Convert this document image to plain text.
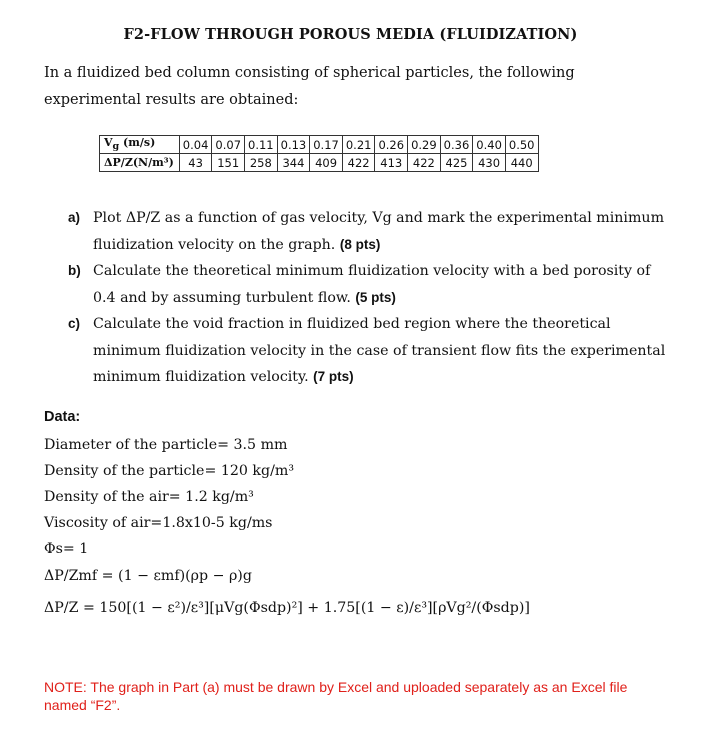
F2-FLOW THROUGH POROUS MEDIA (FLUIDIZATION)
In a fluidized bed column consisting of spherical particles, the following experimental results are obtained:
$V_g$ (m/s)	0.04	0.07	0.11	0.13	0.17	0.21	0.26	0.29	0.36	0.40	0.50
ΔP/Z(N/m³)	43	151	258	344	409	422	413	422	425	430	440
a) Plot ΔP/Z as a function of gas velocity, Vg and mark the experimental minimum fluidization velocity on the graph. (8 pts)
b) Calculate the theoretical minimum fluidization velocity with a bed porosity of 0.4 and by assuming turbulent flow. (5 pts)
c) Calculate the void fraction in fluidized bed region where the theoretical minimum fluidization velocity in the case of transient flow fits the experimental minimum fluidization velocity. (7 pts)
Data:
Diameter of the particle= 3.5 mm
Density of the particle= 120 kg/m³
Density of the air= 1.2 kg/m³
Viscosity of air=1.8x10-5 kg/ms
Φs= 1
ΔP/Zmf = (1 − εmf)(ρp − ρ)g
ΔP/Z = 150[(1 − ε²)/ε³][μVg(Φsdp)²] + 1.75[(1 − ε)/ε³][ρVg²/(Φsdp)]
NOTE: The graph in Part (a) must be drawn by Excel and uploaded separately as an Excel file named “F2”.
